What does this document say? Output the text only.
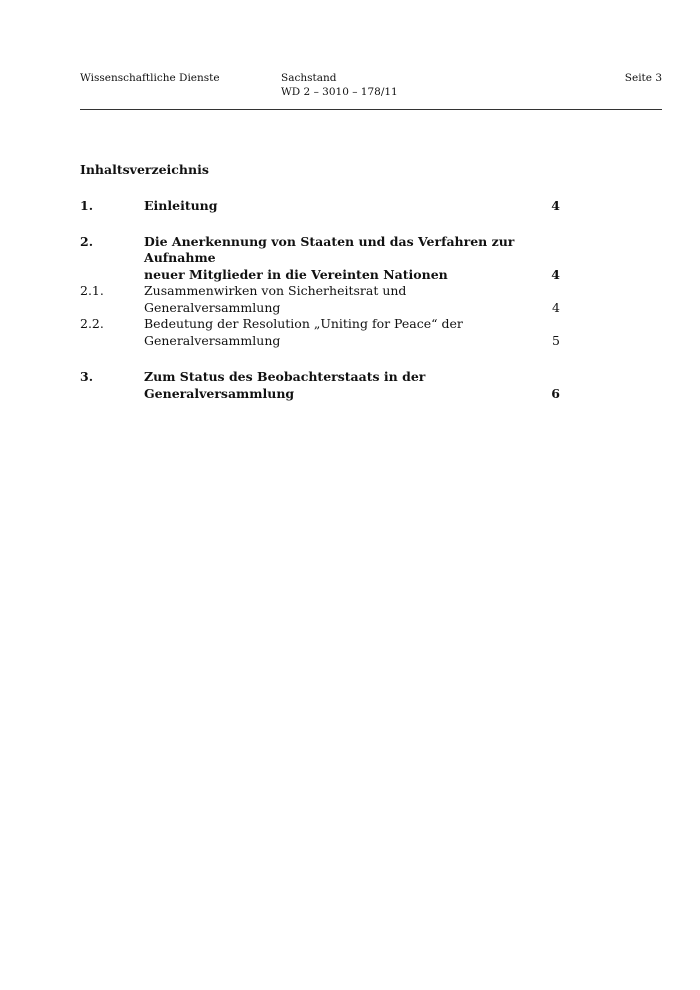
Wissenschaftliche Dienste	Sachstand
WD 2 – 3010 – 178/11
Seite 3
Inhaltsverzeichnis
1.	Einleitung	4
2.	Die Anerkennung von Staaten und das Verfahren zur Aufnahme
neuer Mitglieder in die Vereinten Nationen	4
2.1.	Zusammenwirken von Sicherheitsrat und Generalversammlung	4
2.2.	Bedeutung der Resolution „Uniting for Peace“ der
Generalversammlung	5
3.	Zum Status des Beobachterstaats in der Generalversammlung	6
